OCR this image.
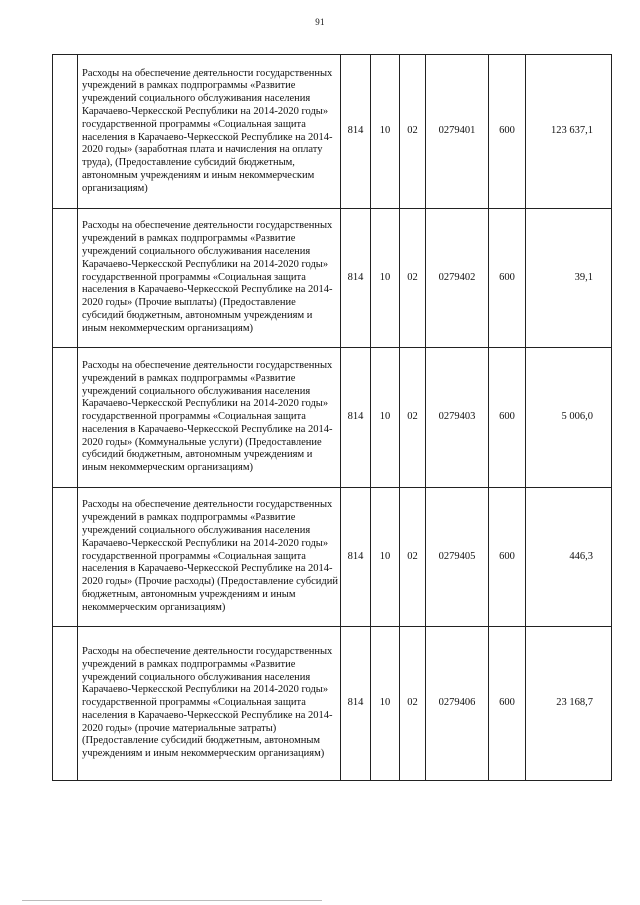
91

	Расходы на обеспечение деятельности государственных учреждений в рамках подпрограммы «Развитие учреждений социального обслуживания населения Карачаево-Черкесской Республики на 2014-2020 годы» государственной программы «Социальная защита населения в Карачаево-Черкесской Республике на 2014-2020 годы» (заработная плата и начисления на оплату труда), (Предоставление субсидий бюджетным, автономным учреждениям и иным некоммерческим организациям)	814	10	02	0279401	600	123 637,1

	Расходы на обеспечение деятельности государственных учреждений в рамках подпрограммы «Развитие учреждений социального обслуживания населения Карачаево-Черкесской Республики на 2014-2020 годы» государственной программы «Социальная защита населения в Карачаево-Черкесской Республике на 2014-2020 годы» (Прочие выплаты) (Предоставление субсидий бюджетным, автономным учреждениям и иным некоммерческим организациям)	814	10	02	0279402	600	39,1

	Расходы на обеспечение деятельности государственных учреждений в рамках подпрограммы «Развитие учреждений социального обслуживания населения Карачаево-Черкесской Республики на 2014-2020 годы» государственной программы «Социальная защита населения в Карачаево-Черкесской Республике на 2014-2020 годы» (Коммунальные услуги) (Предоставление субсидий бюджетным, автономным учреждениям и иным некоммерческим организациям)	814	10	02	0279403	600	5 006,0

	Расходы на обеспечение деятельности государственных учреждений в рамках подпрограммы «Развитие учреждений социального обслуживания населения Карачаево-Черкесской Республики на 2014-2020 годы» государственной программы «Социальная защита населения в Карачаево-Черкесской Республике на 2014-2020 годы» (Прочие расходы) (Предоставление субсидий бюджетным, автономным учреждениям и иным некоммерческим организациям)	814	10	02	0279405	600	446,3

	Расходы на обеспечение деятельности государственных учреждений в рамках подпрограммы «Развитие учреждений социального обслуживания населения Карачаево-Черкесской Республики на 2014-2020 годы» государственной программы «Социальная защита населения в Карачаево-Черкесской Республике на 2014-2020 годы» (прочие материальные затраты) (Предоставление субсидий бюджетным, автономным учреждениям и иным некоммерческим организациям)	814	10	02	0279406	600	23 168,7
